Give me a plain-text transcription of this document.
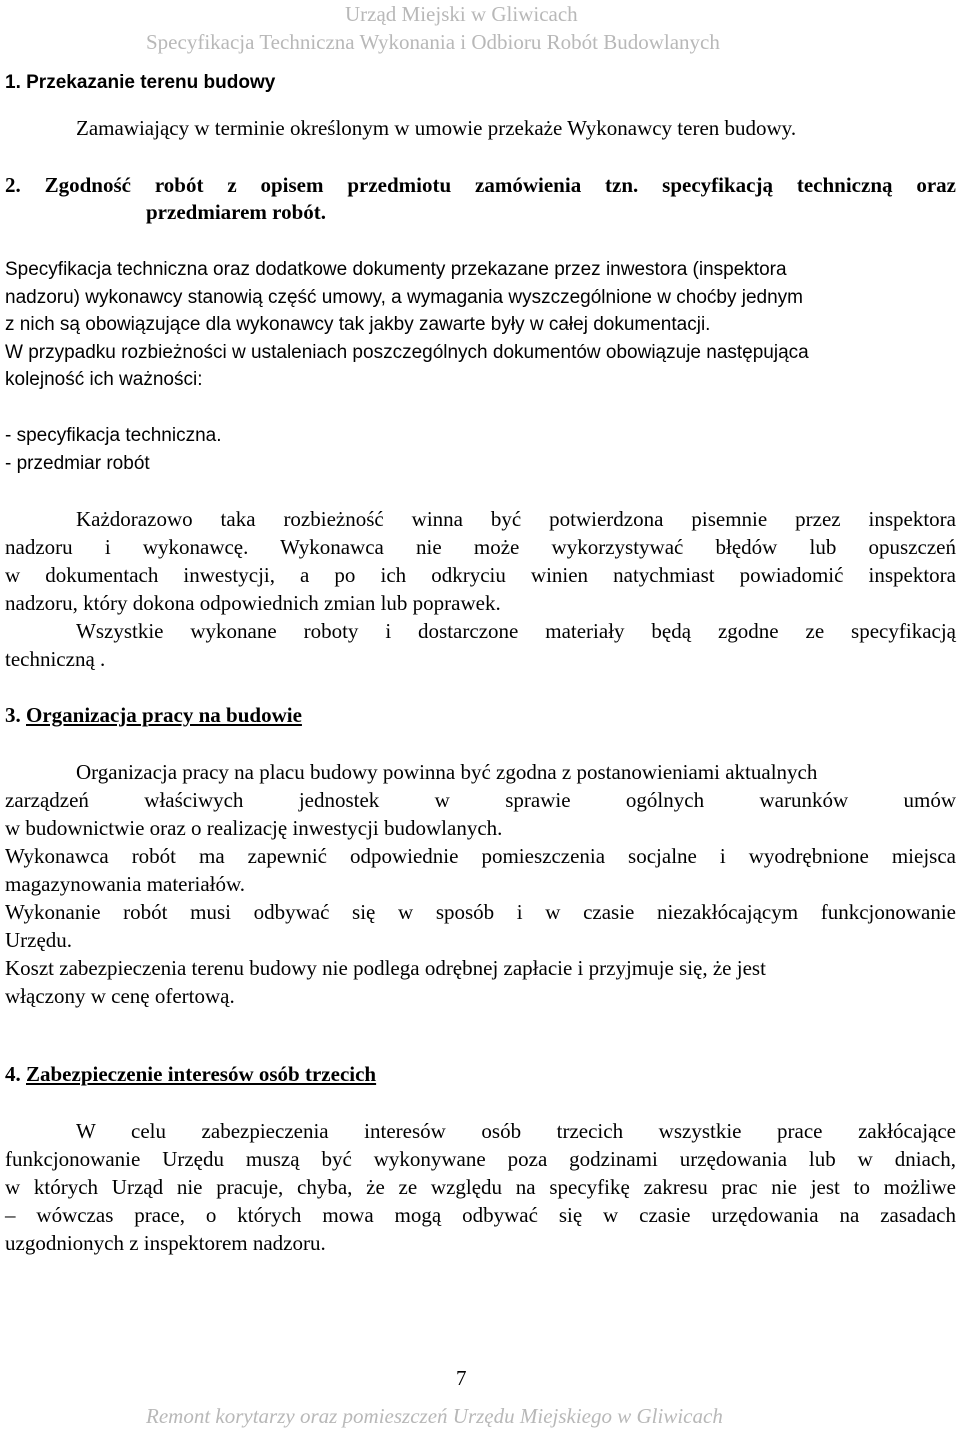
Urząd Miejski w Gliwicach
Specyfikacja Techniczna Wykonania i Odbioru Robót Budowlanych
1. Przekazanie terenu budowy
Zamawiający w terminie określonym w umowie przekaże Wykonawcy teren budowy.
2. Zgodność robót z opisem przedmiotu zamówienia tzn. specyfikacją techniczną oraz
przedmiarem robót.
Specyfikacja techniczna oraz dodatkowe dokumenty przekazane przez inwestora (inspektora
nadzoru) wykonawcy stanowią część umowy, a wymagania wyszczególnione w choćby jednym
z nich są obowiązujące dla wykonawcy tak jakby zawarte były w całej dokumentacji.
W przypadku rozbieżności w ustaleniach poszczególnych dokumentów obowiązuje następująca
kolejność ich ważności:
- specyfikacja techniczna.
- przedmiar robót
Każdorazowo taka rozbieżność winna być potwierdzona pisemnie przez inspektora
nadzoru i wykonawcę. Wykonawca nie może wykorzystywać błędów lub opuszczeń
w dokumentach inwestycji, a po ich odkryciu winien natychmiast powiadomić inspektora
nadzoru, który dokona odpowiednich zmian lub poprawek.
Wszystkie wykonane roboty i dostarczone materiały będą zgodne ze specyfikacją
techniczną .
3. Organizacja pracy na budowie
Organizacja pracy na placu budowy powinna być zgodna z postanowieniami aktualnych
zarządzeń właściwych jednostek w sprawie ogólnych warunków umów
w budownictwie oraz o realizację inwestycji budowlanych.
Wykonawca robót ma zapewnić odpowiednie pomieszczenia socjalne i wyodrębnione miejsca
magazynowania materiałów.
Wykonanie robót musi odbywać się w sposób i w czasie niezakłócającym funkcjonowanie
Urzędu.
Koszt zabezpieczenia terenu budowy nie podlega odrębnej zapłacie i przyjmuje się, że jest
włączony w cenę ofertową.
4. Zabezpieczenie interesów osób trzecich
W celu zabezpieczenia interesów osób trzecich wszystkie prace zakłócające
funkcjonowanie Urzędu muszą być wykonywane poza godzinami urzędowania lub w dniach,
w których Urząd nie pracuje, chyba, że ze względu na specyfikę zakresu prac nie jest to możliwe
– wówczas prace, o których mowa mogą odbywać się w czasie urzędowania na zasadach
uzgodnionych z inspektorem nadzoru.
7
Remont korytarzy oraz pomieszczeń Urzędu Miejskiego w Gliwicach
